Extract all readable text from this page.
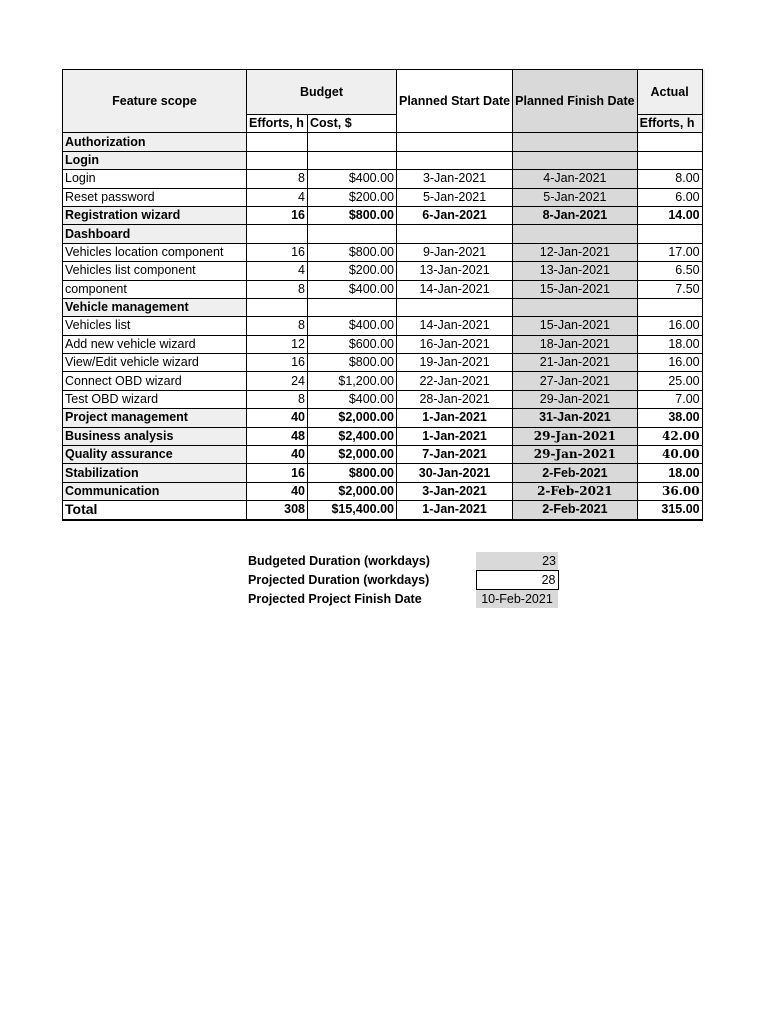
Feature scope	Budget		Planned Start Date	Planned Finish Date	Actual
	Efforts, h	Cost, $			Efforts, h
Authorization					
Login					
Login	8	$400.00	3-Jan-2021	4-Jan-2021	8.00
Reset password	4	$200.00	5-Jan-2021	5-Jan-2021	6.00
Registration wizard	16	$800.00	6-Jan-2021	8-Jan-2021	14.00
Dashboard					
Vehicles location component	16	$800.00	9-Jan-2021	12-Jan-2021	17.00
Vehicles list component	4	$200.00	13-Jan-2021	13-Jan-2021	6.50
component	8	$400.00	14-Jan-2021	15-Jan-2021	7.50
Vehicle management					
Vehicles list	8	$400.00	14-Jan-2021	15-Jan-2021	16.00
Add new vehicle wizard	12	$600.00	16-Jan-2021	18-Jan-2021	18.00
View/Edit vehicle wizard	16	$800.00	19-Jan-2021	21-Jan-2021	16.00
Connect OBD wizard	24	$1,200.00	22-Jan-2021	27-Jan-2021	25.00
Test OBD wizard	8	$400.00	28-Jan-2021	29-Jan-2021	7.00
Project management	40	$2,000.00	1-Jan-2021	31-Jan-2021	38.00
Business analysis	48	$2,400.00	1-Jan-2021	29-Jan-2021	42.00
Quality assurance	40	$2,000.00	7-Jan-2021	29-Jan-2021	40.00
Stabilization	16	$800.00	30-Jan-2021	2-Feb-2021	18.00
Communication	40	$2,000.00	3-Jan-2021	2-Feb-2021	36.00
Total	308	$15,400.00	1-Jan-2021	2-Feb-2021	315.00
Budgeted Duration (workdays)	23
Projected Duration (workdays)	28
Projected Project Finish Date	10-Feb-2021
